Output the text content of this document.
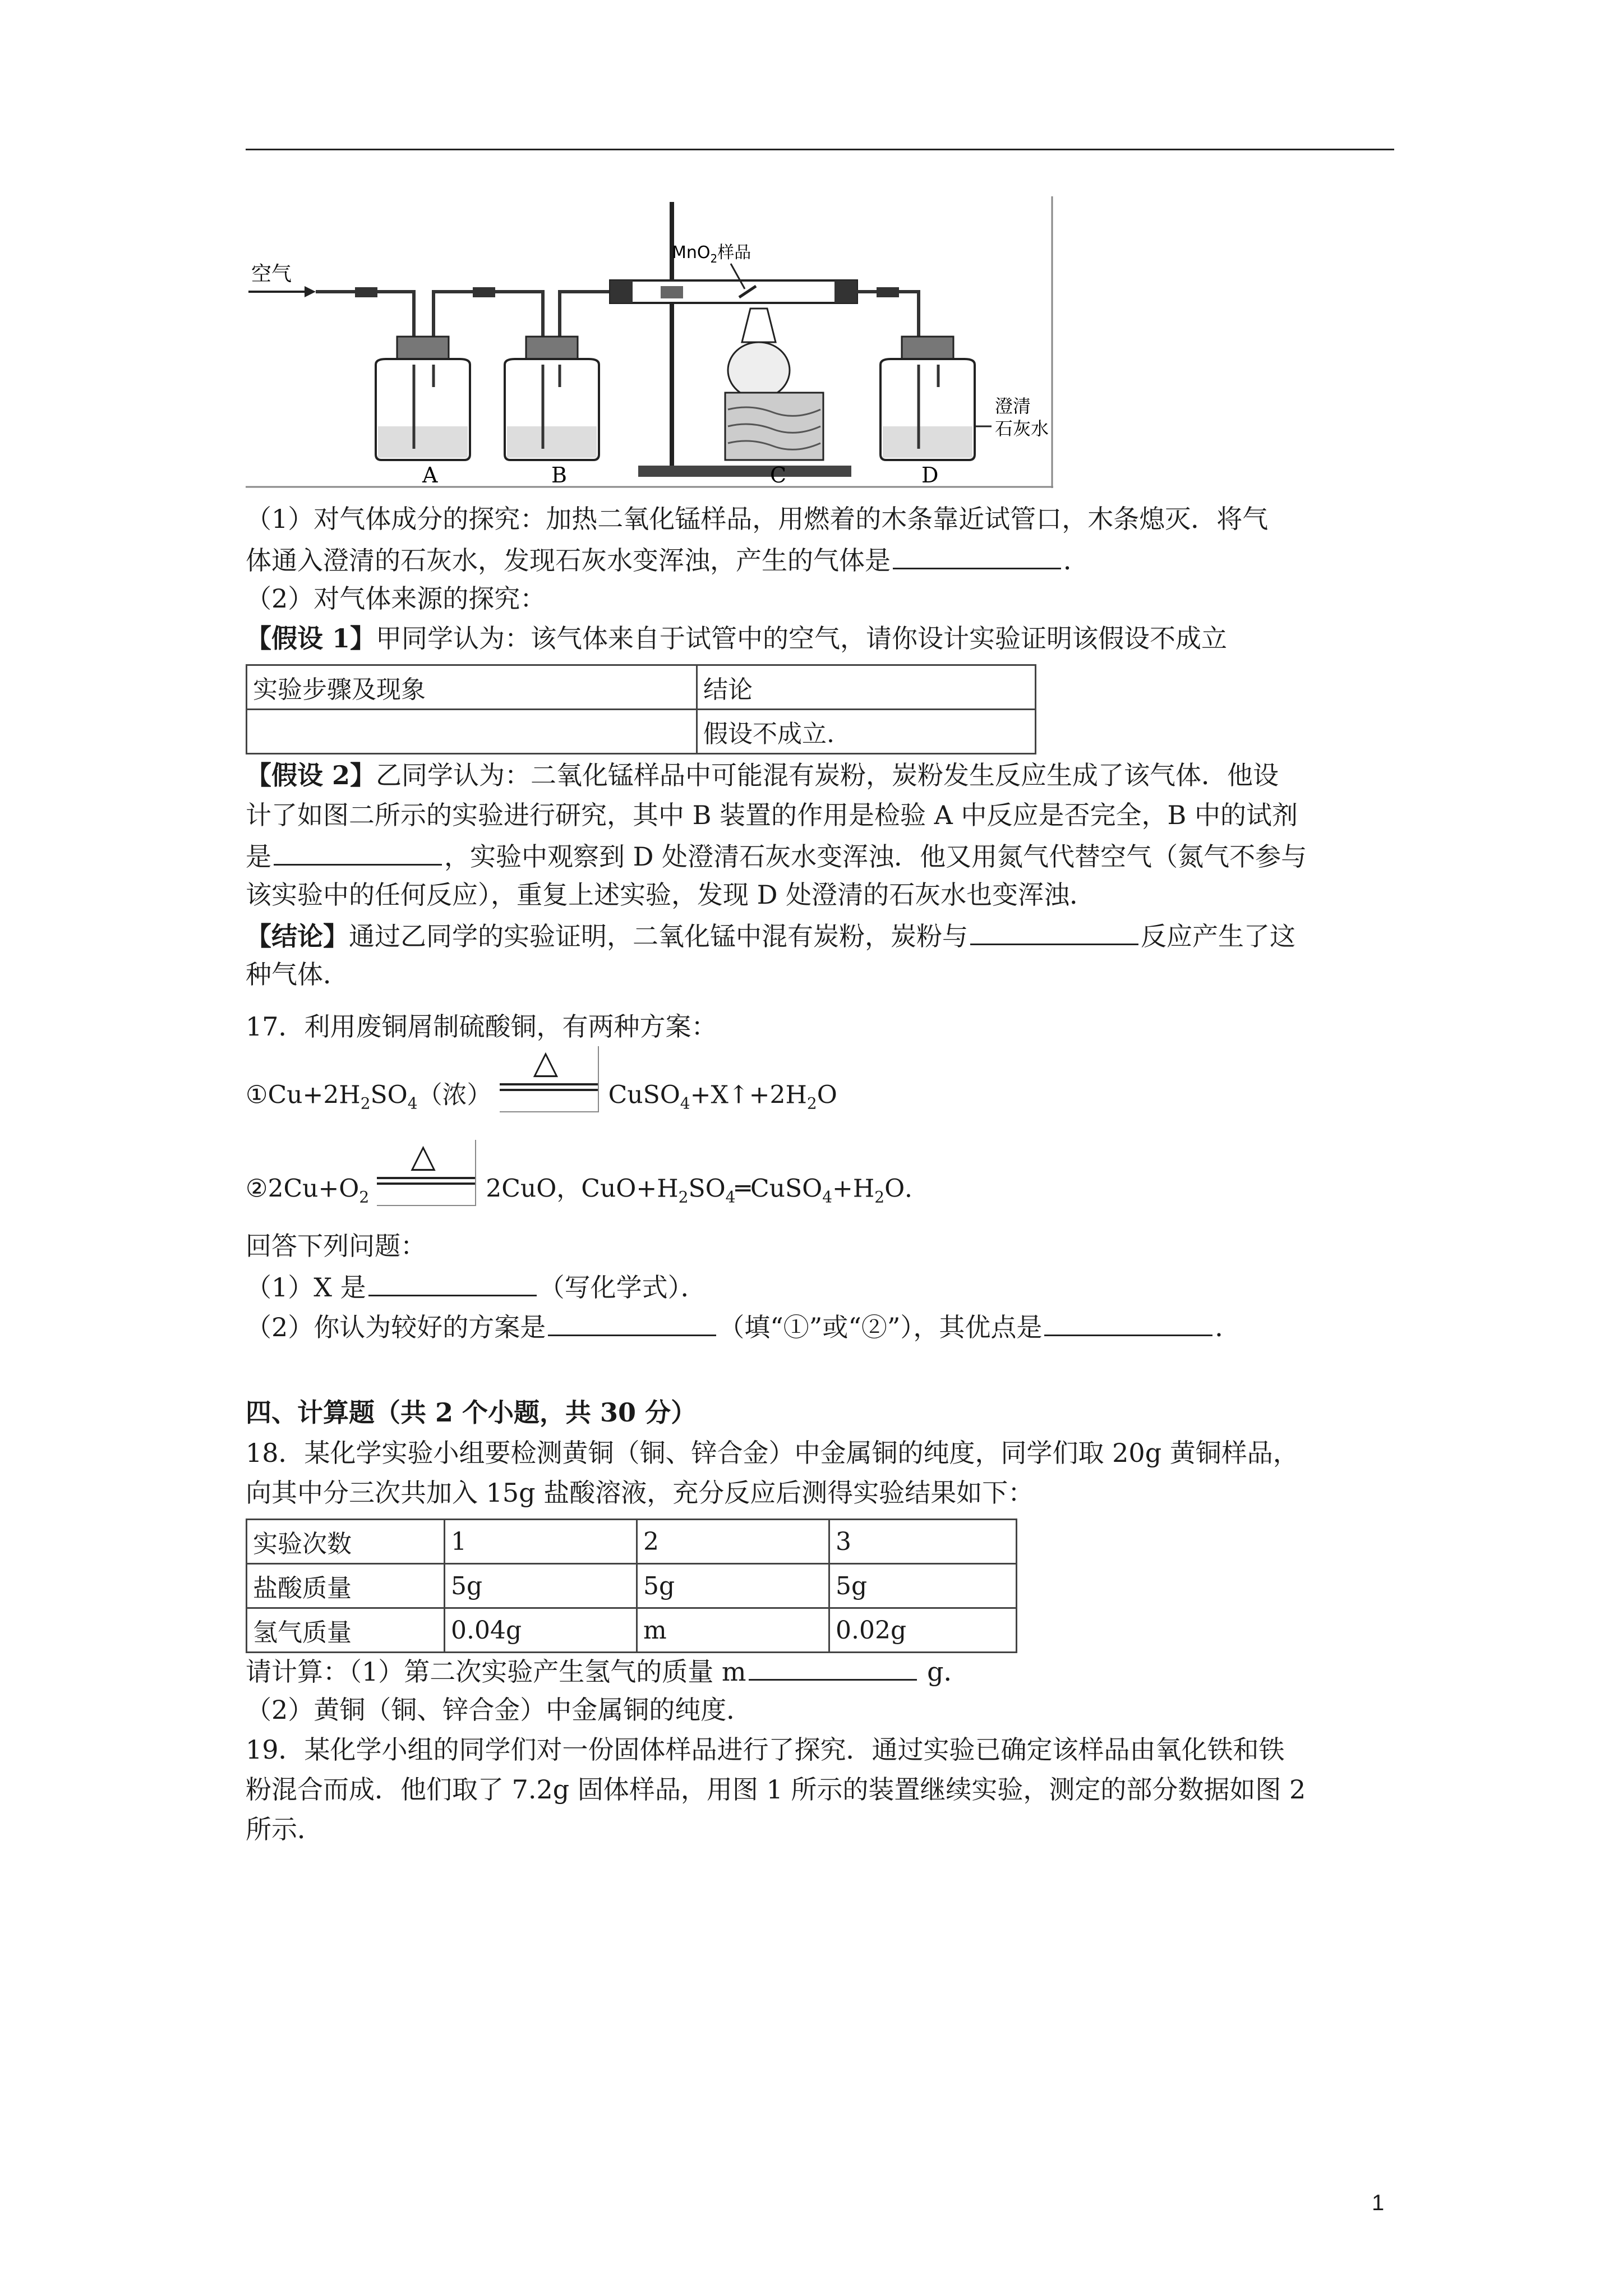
空气
MnO$_2$样品
澄清
石灰水
A	B	C	D
（1）对气体成分的探究：加热二氧化锰样品，用燃着的木条靠近试管口，木条熄灭．将气
体通入澄清的石灰水，发现石灰水变浑浊，产生的气体是	．
（2）对气体来源的探究：
【假设 1】甲同学认为：该气体来自于试管中的空气，请你设计实验证明该假设不成立
实验步骤及现象	结论
	假设不成立.
【假设 2】乙同学认为：二氧化锰样品中可能混有炭粉，炭粉发生反应生成了该气体．他设
计了如图二所示的实验进行研究，其中 B 装置的作用是检验 A 中反应是否完全，B 中的试剂
是	，实验中观察到 D 处澄清石灰水变浑浊．他又用氮气代替空气（氮气不参与
该实验中的任何反应），重复上述实验，发现 D 处澄清的石灰水也变浑浊．
【结论】通过乙同学的实验证明，二氧化锰中混有炭粉，炭粉与	反应产生了这
种气体．
17．利用废铜屑制硫酸铜，有两种方案：
$①Cu+2H_2SO_4$（浓）
△
$CuSO_4+X↑+2H_2O$
$②2Cu+O_2$
△
2CuO，$CuO+H_2SO_4═CuSO_4+H_2O$．
回答下列问题：
（1）X 是	（写化学式）．
（2）你认为较好的方案是	（填“①”或“②”），其优点是	．
四、计算题（共 2 个小题，共 30 分）
18．某化学实验小组要检测黄铜（铜、锌合金）中金属铜的纯度，同学们取 20g 黄铜样品，
向其中分三次共加入 15g 盐酸溶液，充分反应后测得实验结果如下：
实验次数	1	2	3
盐酸质量	5g	5g	5g
氢气质量	0.04g	m	0.02g
请计算：（1）第二次实验产生氢气的质量 m	g．
（2）黄铜（铜、锌合金）中金属铜的纯度．
19．某化学小组的同学们对一份固体样品进行了探究．通过实验已确定该样品由氧化铁和铁
粉混合而成．他们取了 7.2g 固体样品，用图 1 所示的装置继续实验，测定的部分数据如图 2
所示．
1
